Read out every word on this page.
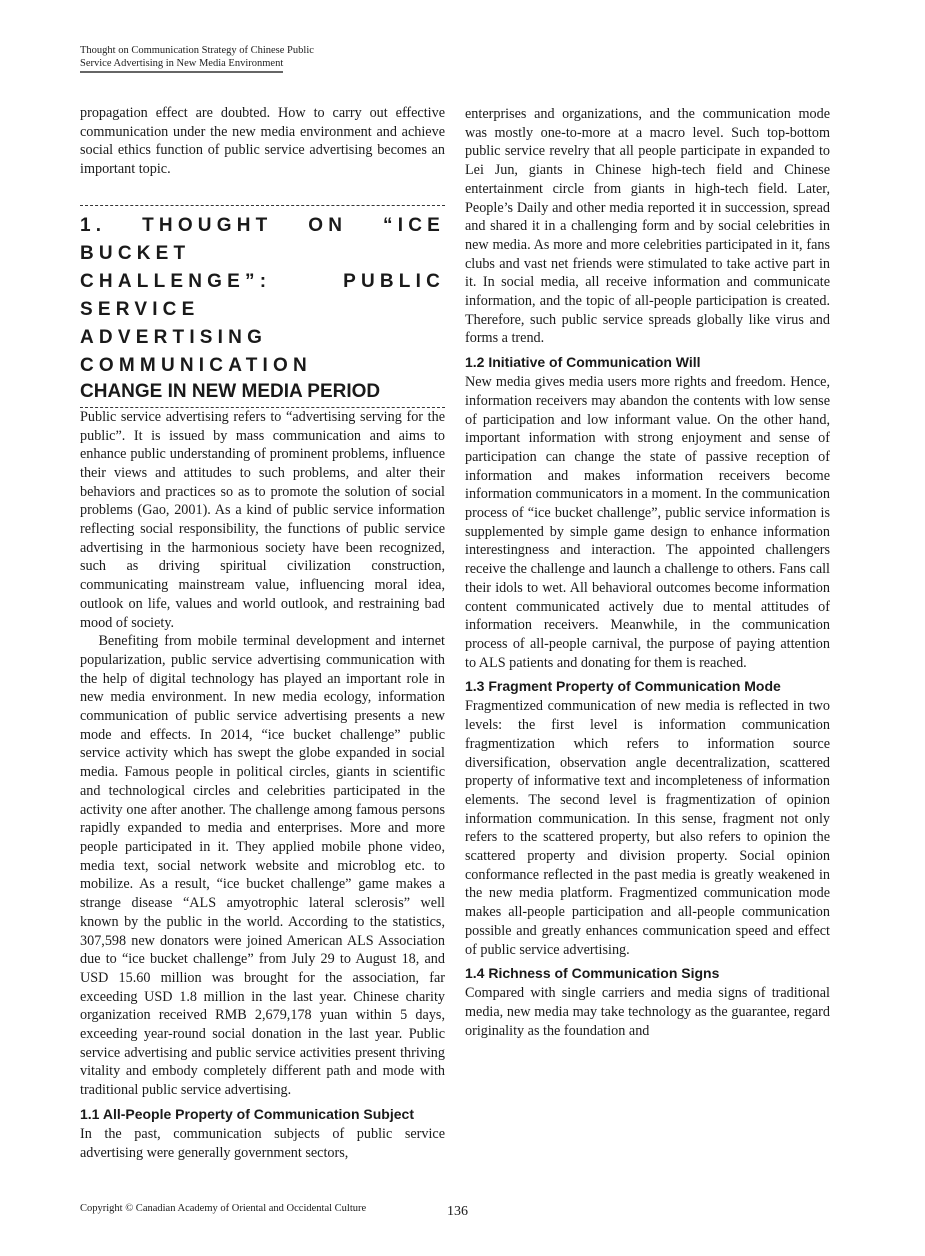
Thought on Communication Strategy of Chinese Public
Service Advertising in New Media Environment

propagation effect are doubted. How to carry out effective communication under the new media environment and achieve social ethics function of public service advertising becomes an important topic.

1. THOUGHT ON “ICE BUCKET
CHALLENGE”: PUBLIC SERVICE
ADVERTISING COMMUNICATION
CHANGE IN NEW MEDIA PERIOD

Public service advertising refers to “advertising serving for the public”. It is issued by mass communication and aims to enhance public understanding of prominent problems, influence their views and attitudes to such problems, and alter their behaviors and practices so as to promote the solution of social problems (Gao, 2001). As a kind of public service information reflecting social responsibility, the functions of public service advertising in the harmonious society have been recognized, such as driving spiritual civilization construction, communicating mainstream value, influencing moral idea, outlook on life, values and world outlook, and restraining bad mood of society.

Benefiting from mobile terminal development and internet popularization, public service advertising communication with the help of digital technology has played an important role in new media environment. In new media ecology, information communication of public service advertising presents a new mode and effects. In 2014, “ice bucket challenge” public service activity which has swept the globe expanded in social media. Famous people in political circles, giants in scientific and technological circles and celebrities participated in the activity one after another. The challenge among famous persons rapidly expanded to media and enterprises. More and more people participated in it. They applied mobile phone video, media text, social network website and microblog etc. to mobilize. As a result, “ice bucket challenge” game makes a strange disease “ALS amyotrophic lateral sclerosis” well known by the public in the world. According to the statistics, 307,598 new donators were joined American ALS Association due to “ice bucket challenge” from July 29 to August 18, and USD 15.60 million was brought for the association, far exceeding USD 1.8 million in the last year. Chinese charity organization received RMB 2,679,178 yuan within 5 days, exceeding year-round social donation in the last year. Public service advertising and public service activities present thriving vitality and embody completely different path and mode with traditional public service advertising.

1.1 All-People Property of Communication Subject

In the past, communication subjects of public service advertising were generally government sectors,

enterprises and organizations, and the communication mode was mostly one-to-more at a macro level. Such top-bottom public service revelry that all people participate in expanded to Lei Jun, giants in Chinese high-tech field and Chinese entertainment circle from giants in high-tech field. Later, People’s Daily and other media reported it in succession, spread and shared it in a challenging form and by social celebrities in new media. As more and more celebrities participated in it, fans clubs and vast net friends were stimulated to take active part in it. In social media, all receive information and communicate information, and the topic of all-people participation is created. Therefore, such public service spreads globally like virus and forms a trend.

1.2 Initiative of Communication Will

New media gives media users more rights and freedom. Hence, information receivers may abandon the contents with low sense of participation and low informant value. On the other hand, important information with strong enjoyment and sense of participation can change the state of passive reception of information and makes information receivers become information communicators in a moment. In the communication process of “ice bucket challenge”, public service information is supplemented by simple game design to enhance information interestingness and interaction. The appointed challengers receive the challenge and launch a challenge to others. Fans call their idols to wet. All behavioral outcomes become information content communicated actively due to mental attitudes of information receivers. Meanwhile, in the communication process of all-people carnival, the purpose of paying attention to ALS patients and donating for them is reached.

1.3 Fragment Property of Communication Mode

Fragmentized communication of new media is reflected in two levels: the first level is information communication fragmentization which refers to information source diversification, observation angle decentralization, scattered property of informative text and incompleteness of information elements. The second level is fragmentization of opinion information communication. In this sense, fragment not only refers to the scattered property, but also refers to opinion the scattered property and division property. Social opinion conformance reflected in the past media is greatly weakened in the new media platform. Fragmentized communication mode makes all-people participation and all-people communication possible and greatly enhances communication speed and effect of public service advertising.

1.4 Richness of Communication Signs

Compared with single carriers and media signs of traditional media, new media may take technology as the guarantee, regard originality as the foundation and

Copyright © Canadian Academy of Oriental and Occidental Culture	136
